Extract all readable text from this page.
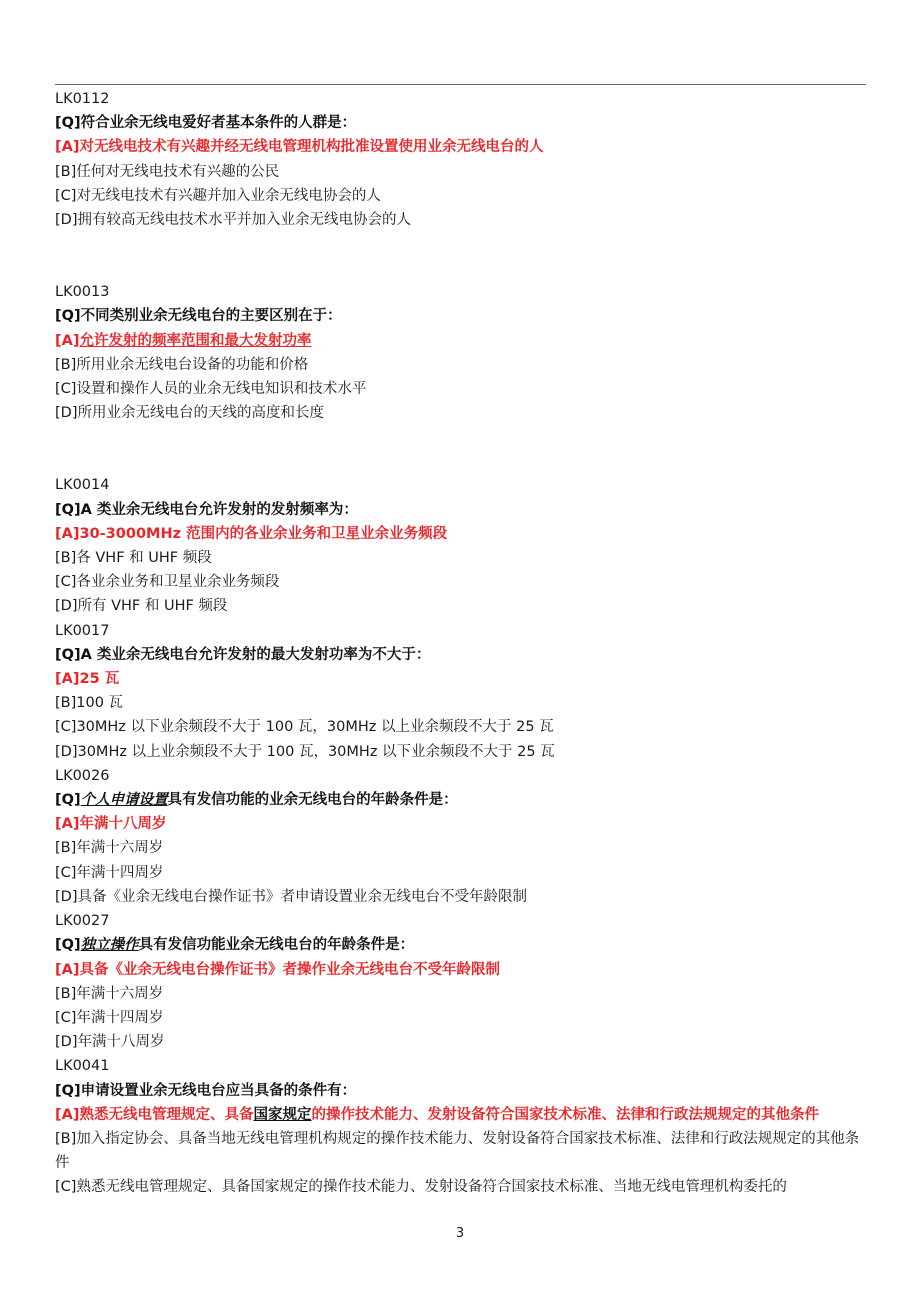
LK0112
[Q]符合业余无线电爱好者基本条件的人群是：
[A]对无线电技术有兴趣并经无线电管理机构批准设置使用业余无线电台的人
[B]任何对无线电技术有兴趣的公民
[C]对无线电技术有兴趣并加入业余无线电协会的人
[D]拥有较高无线电技术水平并加入业余无线电协会的人
LK0013
[Q]不同类别业余无线电台的主要区别在于：
[A]允许发射的频率范围和最大发射功率
[B]所用业余无线电台设备的功能和价格
[C]设置和操作人员的业余无线电知识和技术水平
[D]所用业余无线电台的天线的高度和长度
LK0014
[Q]A 类业余无线电台允许发射的发射频率为：
[A]30-3000MHz 范围内的各业余业务和卫星业余业务频段
[B]各 VHF 和 UHF 频段
[C]各业余业务和卫星业余业务频段
[D]所有 VHF 和 UHF 频段
LK0017
[Q]A 类业余无线电台允许发射的最大发射功率为不大于：
[A]25 瓦
[B]100 瓦
[C]30MHz 以下业余频段不大于 100 瓦，30MHz 以上业余频段不大于 25 瓦
[D]30MHz 以上业余频段不大于 100 瓦，30MHz 以下业余频段不大于 25 瓦
LK0026
[Q]个人申请设置具有发信功能的业余无线电台的年龄条件是：
[A]年满十八周岁
[B]年满十六周岁
[C]年满十四周岁
[D]具备《业余无线电台操作证书》者申请设置业余无线电台不受年龄限制
LK0027
[Q]独立操作具有发信功能业余无线电台的年龄条件是：
[A]具备《业余无线电台操作证书》者操作业余无线电台不受年龄限制
[B]年满十六周岁
[C]年满十四周岁
[D]年满十八周岁
LK0041
[Q]申请设置业余无线电台应当具备的条件有：
[A]熟悉无线电管理规定、具备国家规定的操作技术能力、发射设备符合国家技术标准、法律和行政法规规定的其他条件
[B]加入指定协会、具备当地无线电管理机构规定的操作技术能力、发射设备符合国家技术标准、法律和行政法规规定的其他条件
[C]熟悉无线电管理规定、具备国家规定的操作技术能力、发射设备符合国家技术标准、当地无线电管理机构委托的
3
